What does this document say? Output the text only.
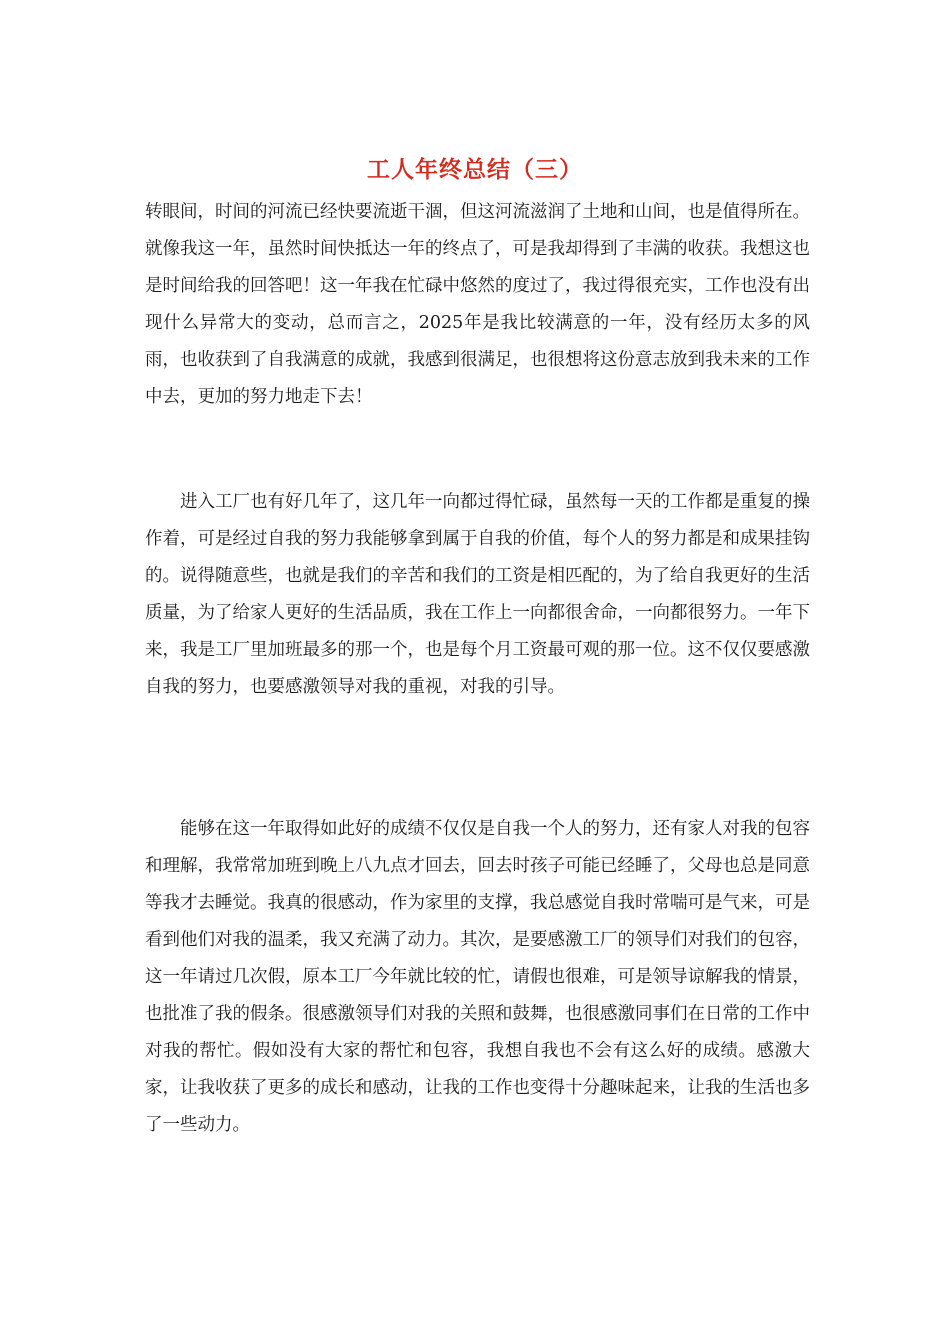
工人年终总结（三）

转眼间，时间的河流已经快要流逝干涸，但这河流滋润了土地和山间，也是值得所在。就像我这一年，虽然时间快抵达一年的终点了，可是我却得到了丰满的收获。我想这也是时间给我的回答吧！这一年我在忙碌中悠然的度过了，我过得很充实，工作也没有出现什么异常大的变动，总而言之，2025年是我比较满意的一年，没有经历太多的风雨，也收获到了自我满意的成就，我感到很满足，也很想将这份意志放到我未来的工作中去，更加的努力地走下去！

进入工厂也有好几年了，这几年一向都过得忙碌，虽然每一天的工作都是重复的操作着，可是经过自我的努力我能够拿到属于自我的价值，每个人的努力都是和成果挂钩的。说得随意些，也就是我们的辛苦和我们的工资是相匹配的，为了给自我更好的生活质量，为了给家人更好的生活品质，我在工作上一向都很舍命，一向都很努力。一年下来，我是工厂里加班最多的那一个，也是每个月工资最可观的那一位。这不仅仅要感激自我的努力，也要感激领导对我的重视，对我的引导。

能够在这一年取得如此好的成绩不仅仅是自我一个人的努力，还有家人对我的包容和理解，我常常加班到晚上八九点才回去，回去时孩子可能已经睡了，父母也总是同意等我才去睡觉。我真的很感动，作为家里的支撑，我总感觉自我时常喘可是气来，可是看到他们对我的温柔，我又充满了动力。其次，是要感激工厂的领导们对我们的包容，这一年请过几次假，原本工厂今年就比较的忙，请假也很难，可是领导谅解我的情景，也批准了我的假条。很感激领导们对我的关照和鼓舞，也很感激同事们在日常的工作中对我的帮忙。假如没有大家的帮忙和包容，我想自我也不会有这么好的成绩。感激大家，让我收获了更多的成长和感动，让我的工作也变得十分趣味起来，让我的生活也多了一些动力。
